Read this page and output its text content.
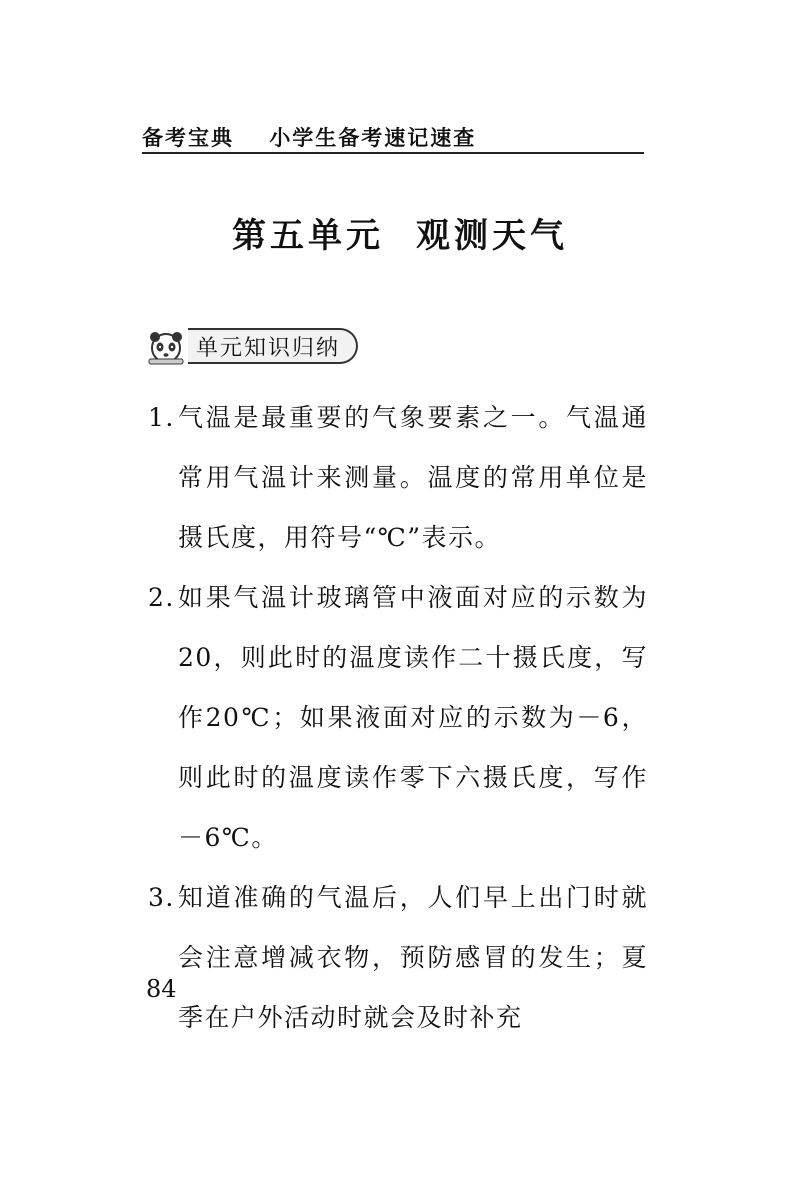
备考宝典 小学生备考速记速查
第五单元 观测天气
单元知识归纳
1. 气温是最重要的气象要素之一。气温通常用气温计来测量。温度的常用单位是摄氏度，用符号“℃”表示。
2. 如果气温计玻璃管中液面对应的示数为20，则此时的温度读作二十摄氏度，写作20℃；如果液面对应的示数为－6，则此时的温度读作零下六摄氏度，写作－6℃。
3. 知道准确的气温后，人们早上出门时就会注意增减衣物，预防感冒的发生；夏季在户外活动时就会及时补充
84
